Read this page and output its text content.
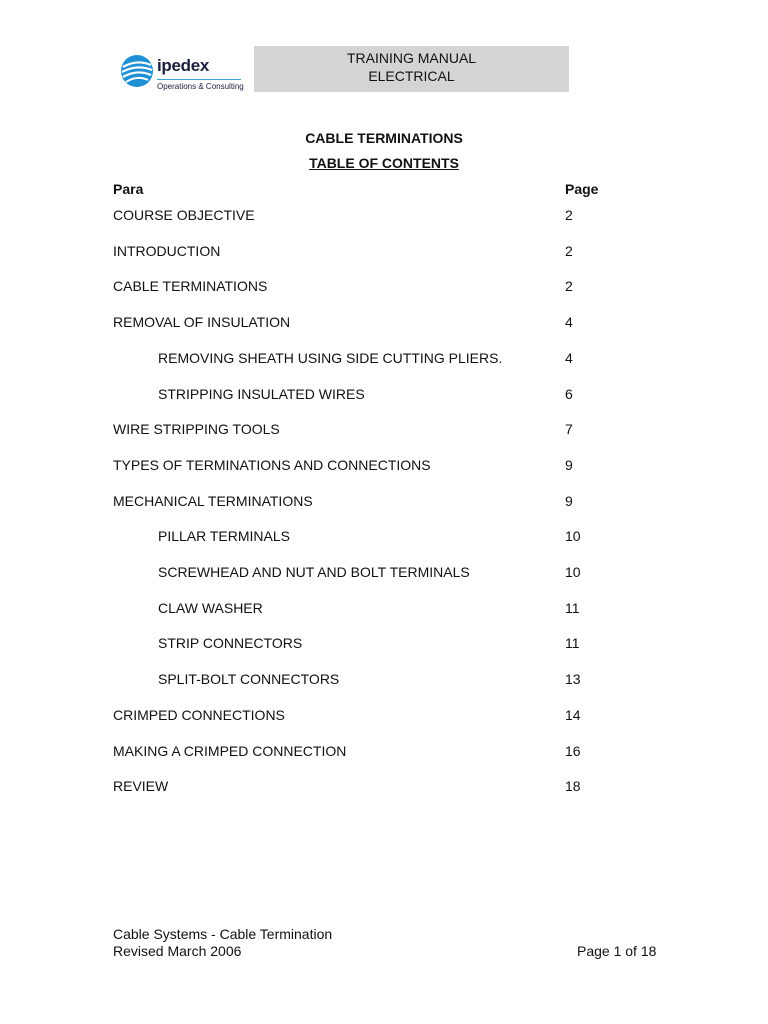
ipedex
Operations & Consulting
TRAINING MANUAL
ELECTRICAL
CABLE TERMINATIONS
TABLE OF CONTENTS
Para	Page
COURSE OBJECTIVE	2
INTRODUCTION	2
CABLE TERMINATIONS	2
REMOVAL OF INSULATION	4
REMOVING SHEATH USING SIDE CUTTING PLIERS.	4
STRIPPING INSULATED WIRES	6
WIRE STRIPPING TOOLS	7
TYPES OF TERMINATIONS AND CONNECTIONS	9
MECHANICAL TERMINATIONS	9
PILLAR TERMINALS	10
SCREWHEAD AND NUT AND BOLT TERMINALS	10
CLAW WASHER	11
STRIP CONNECTORS	11
SPLIT-BOLT CONNECTORS	13
CRIMPED CONNECTIONS	14
MAKING A CRIMPED CONNECTION	16
REVIEW	18
Cable Systems - Cable Termination
Revised March 2006	Page 1 of 18
